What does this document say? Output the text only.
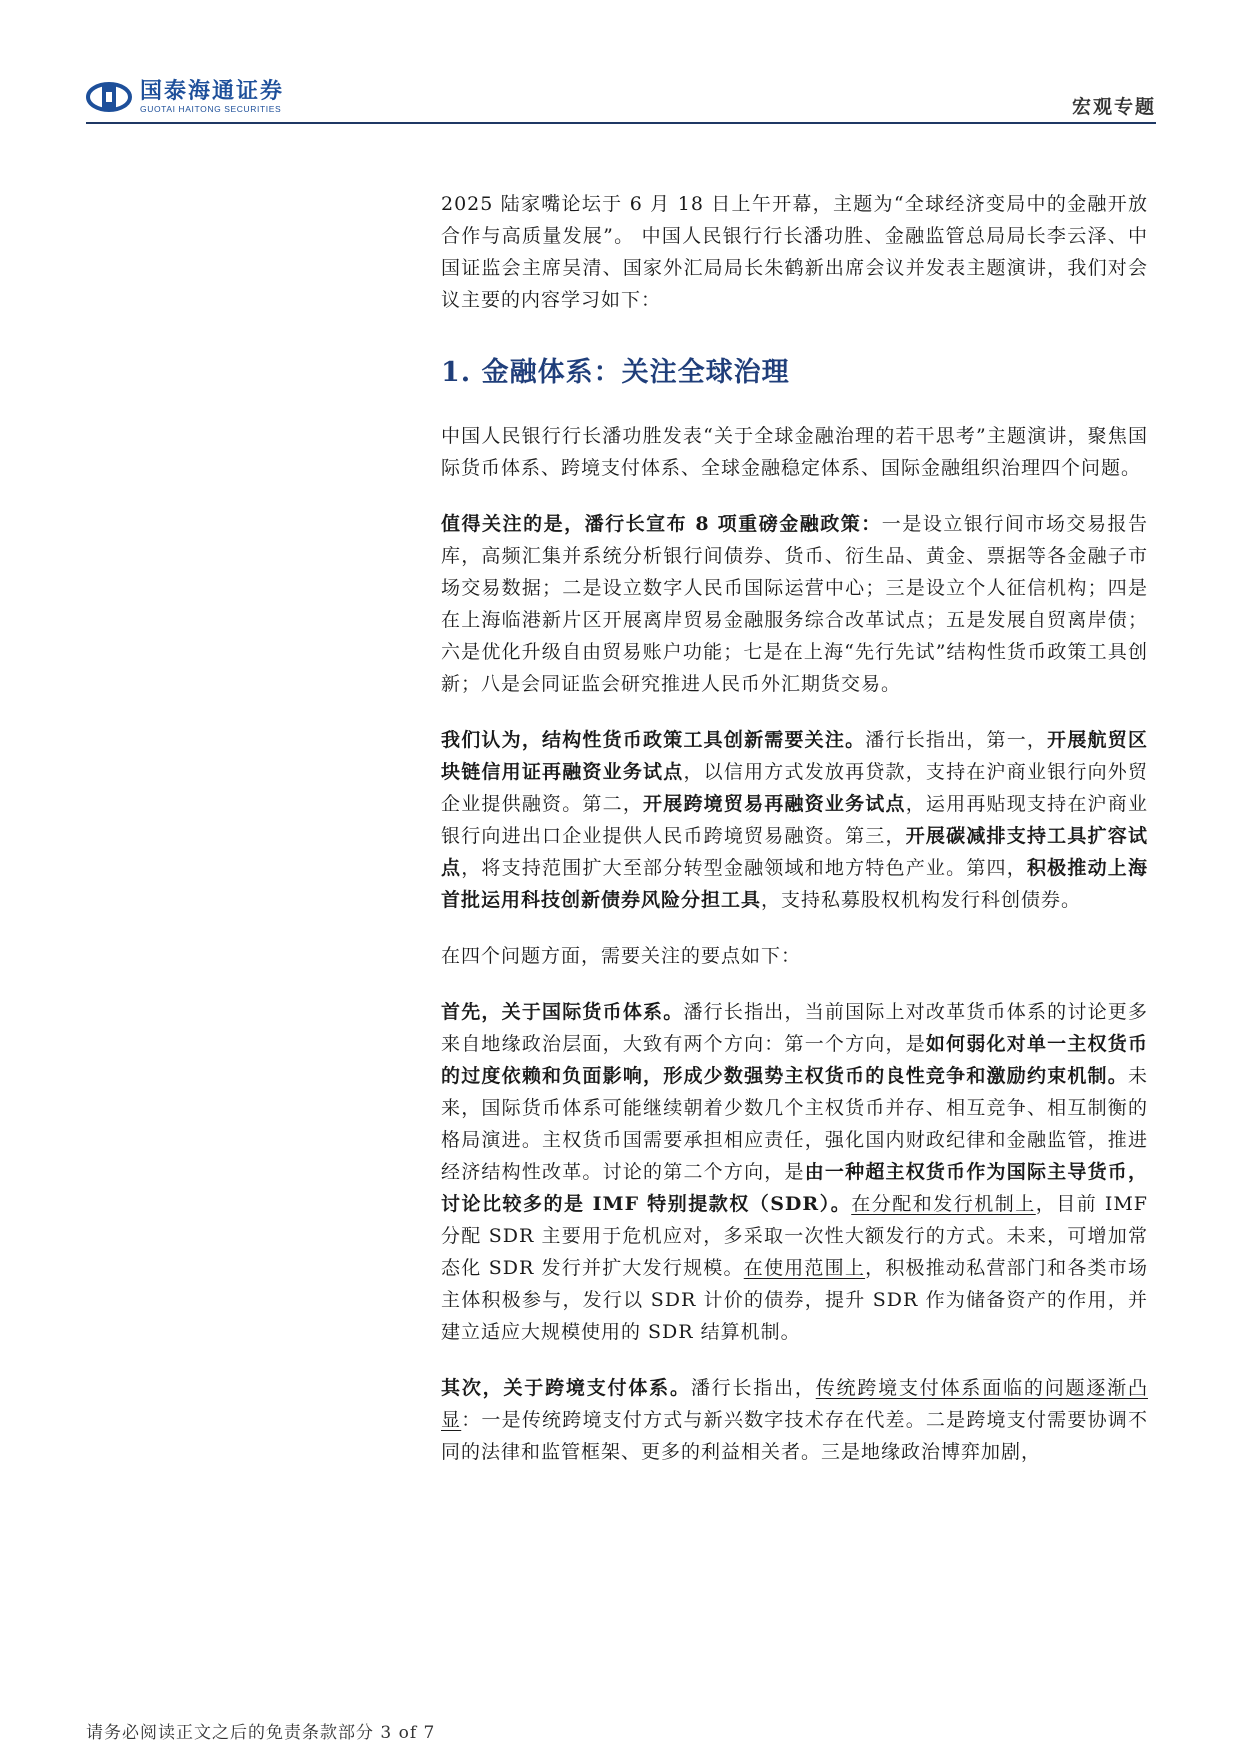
国泰海通证券
GUOTAI HAITONG SECURITIES	宏观专题

2025 陆家嘴论坛于 6 月 18 日上午开幕，主题为“全球经济变局中的金融开放合作与高质量发展”。 中国人民银行行长潘功胜、金融监管总局局长李云泽、中国证监会主席吴清、国家外汇局局长朱鹤新出席会议并发表主题演讲，我们对会议主要的内容学习如下：

1. 金融体系：关注全球治理

中国人民银行行长潘功胜发表“关于全球金融治理的若干思考”主题演讲，聚焦国际货币体系、跨境支付体系、全球金融稳定体系、国际金融组织治理四个问题。

值得关注的是，潘行长宣布 8 项重磅金融政策：一是设立银行间市场交易报告库，高频汇集并系统分析银行间债券、货币、衍生品、黄金、票据等各金融子市场交易数据；二是设立数字人民币国际运营中心；三是设立个人征信机构；四是在上海临港新片区开展离岸贸易金融服务综合改革试点；五是发展自贸离岸债；六是优化升级自由贸易账户功能；七是在上海“先行先试”结构性货币政策工具创新；八是会同证监会研究推进人民币外汇期货交易。

我们认为，结构性货币政策工具创新需要关注。潘行长指出，第一，开展航贸区块链信用证再融资业务试点，以信用方式发放再贷款，支持在沪商业银行向外贸企业提供融资。第二，开展跨境贸易再融资业务试点，运用再贴现支持在沪商业银行向进出口企业提供人民币跨境贸易融资。第三，开展碳减排支持工具扩容试点，将支持范围扩大至部分转型金融领域和地方特色产业。第四，积极推动上海首批运用科技创新债券风险分担工具，支持私募股权机构发行科创债券。

在四个问题方面，需要关注的要点如下：

首先，关于国际货币体系。潘行长指出，当前国际上对改革货币体系的讨论更多来自地缘政治层面，大致有两个方向：第一个方向，是如何弱化对单一主权货币的过度依赖和负面影响，形成少数强势主权货币的良性竞争和激励约束机制。未来，国际货币体系可能继续朝着少数几个主权货币并存、相互竞争、相互制衡的格局演进。主权货币国需要承担相应责任，强化国内财政纪律和金融监管，推进经济结构性改革。讨论的第二个方向，是由一种超主权货币作为国际主导货币，讨论比较多的是 IMF 特别提款权（SDR）。在分配和发行机制上，目前 IMF 分配 SDR 主要用于危机应对，多采取一次性大额发行的方式。未来，可增加常态化 SDR 发行并扩大发行规模。在使用范围上，积极推动私营部门和各类市场主体积极参与，发行以 SDR 计价的债券，提升 SDR 作为储备资产的作用，并建立适应大规模使用的 SDR 结算机制。

其次，关于跨境支付体系。潘行长指出，传统跨境支付体系面临的问题逐渐凸显：一是传统跨境支付方式与新兴数字技术存在代差。二是跨境支付需要协调不同的法律和监管框架、更多的利益相关者。三是地缘政治博弈加剧，

请务必阅读正文之后的免责条款部分 3 of 7
